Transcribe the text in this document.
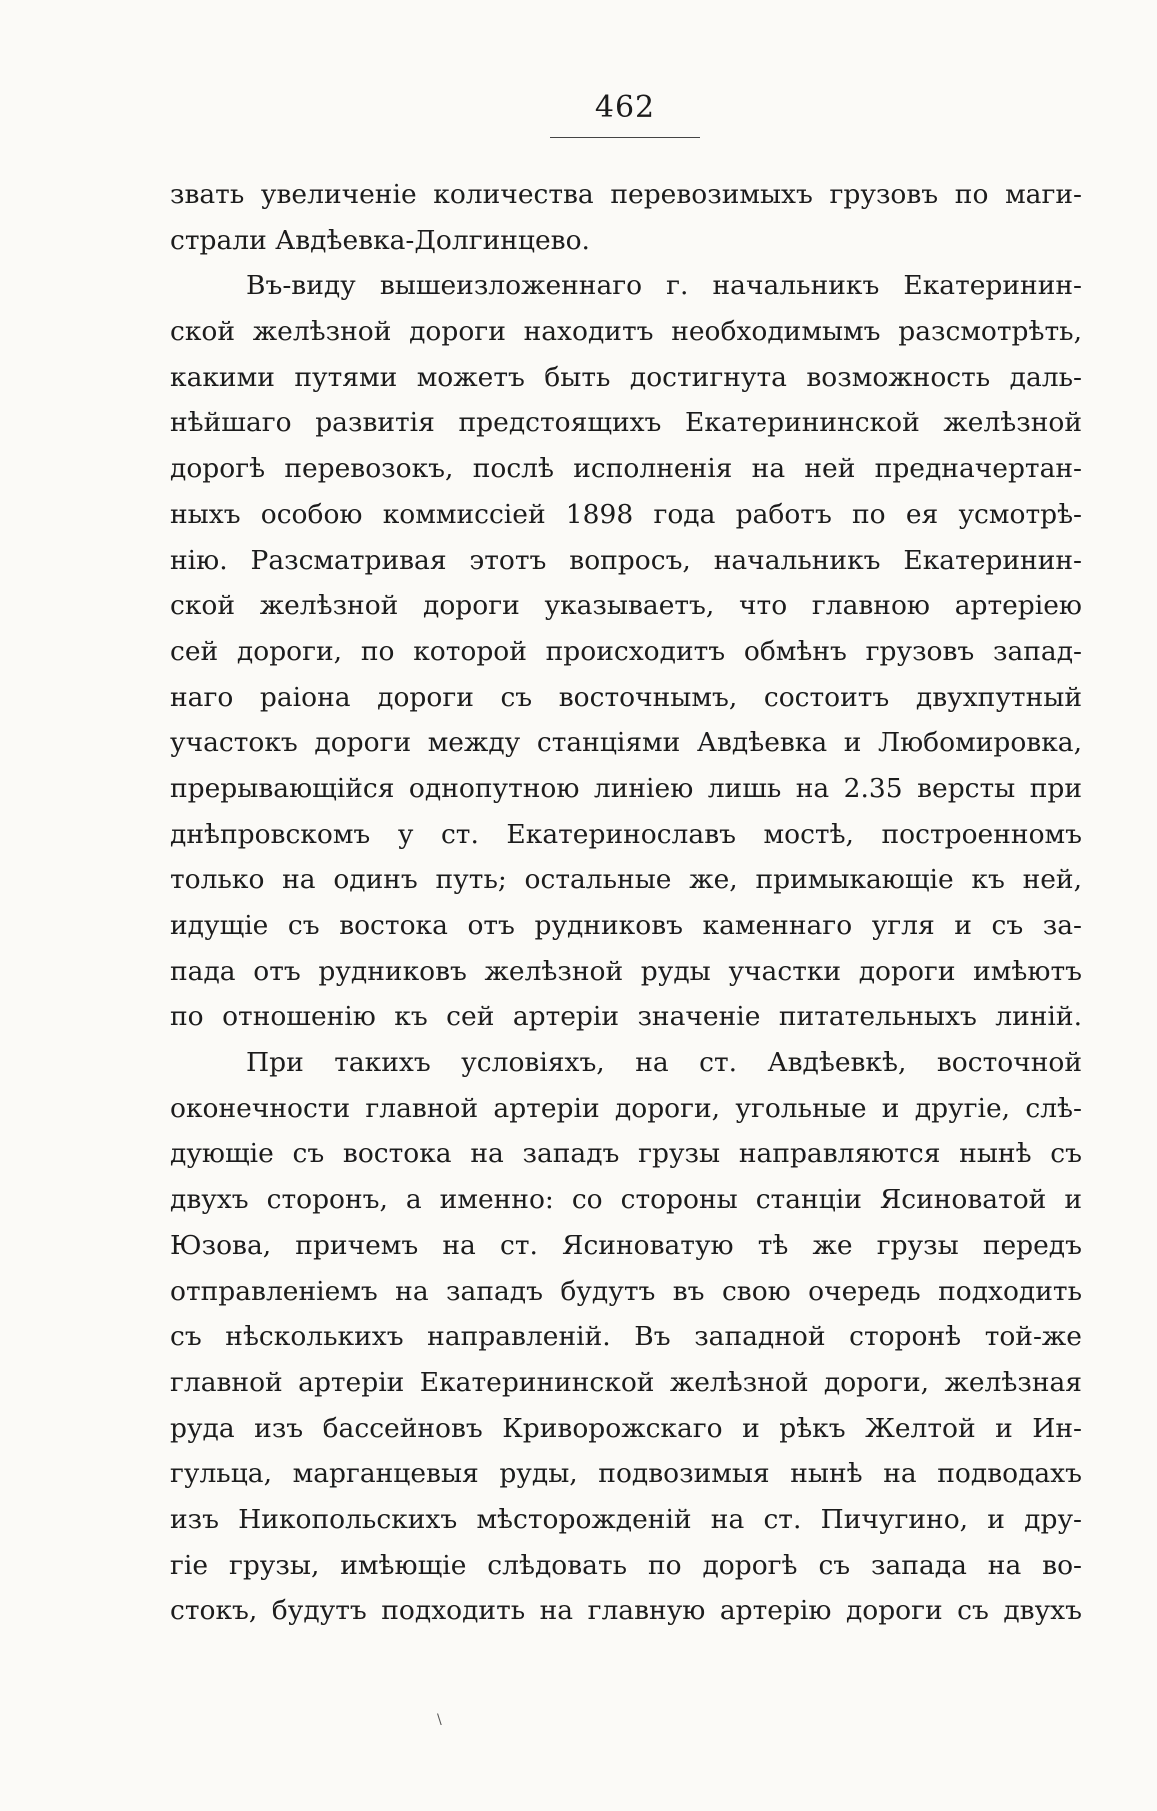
462
звать увеличеніе количества перевозимыхъ грузовъ по маги-
страли Авдѣевка-Долгинцево.
Въ-виду вышеизложеннаго г. начальникъ Екатеринин-
ской желѣзной дороги находитъ необходимымъ разсмотрѣть,
какими путями можетъ быть достигнута возможность даль-
нѣйшаго развитія предстоящихъ Екатерининской желѣзной
дорогѣ перевозокъ, послѣ исполненія на ней предначертан-
ныхъ особою коммиссіей 1898 года работъ по ея усмотрѣ-
нію. Разсматривая этотъ вопросъ, начальникъ Екатеринин-
ской желѣзной дороги указываетъ, что главною артеріею
сей дороги, по которой происходитъ обмѣнъ грузовъ запад-
наго раіона дороги съ восточнымъ, состоитъ двухпутный
участокъ дороги между станціями Авдѣевка и Любомировка,
прерывающійся однопутною линіею лишь на 2.35 версты при
днѣпровскомъ у ст. Екатеринославъ мостѣ, построенномъ
только на одинъ путь; остальные же, примыкающіе къ ней,
идущіе съ востока отъ рудниковъ каменнаго угля и съ за-
пада отъ рудниковъ желѣзной руды участки дороги имѣютъ
по отношенію къ сей артеріи значеніе питательныхъ линій.
При такихъ условіяхъ, на ст. Авдѣевкѣ, восточной
оконечности главной артеріи дороги, угольные и другіе, слѣ-
дующіе съ востока на западъ грузы направляются нынѣ съ
двухъ сторонъ, а именно: со стороны станціи Ясиноватой и
Юзова, причемъ на ст. Ясиноватую тѣ же грузы передъ
отправленіемъ на западъ будутъ въ свою очередь подходить
съ нѣсколькихъ направленій. Въ западной сторонѣ той-же
главной артеріи Екатерининской желѣзной дороги, желѣзная
руда изъ бассейновъ Криворожскаго и рѣкъ Желтой и Ин-
гульца, марганцевыя руды, подвозимыя нынѣ на подводахъ
изъ Никопольскихъ мѣсторожденій на ст. Пичугино, и дру-
гіе грузы, имѣющіе слѣдовать по дорогѣ съ запада на во-
стокъ, будутъ подходить на главную артерію дороги съ двухъ
\
